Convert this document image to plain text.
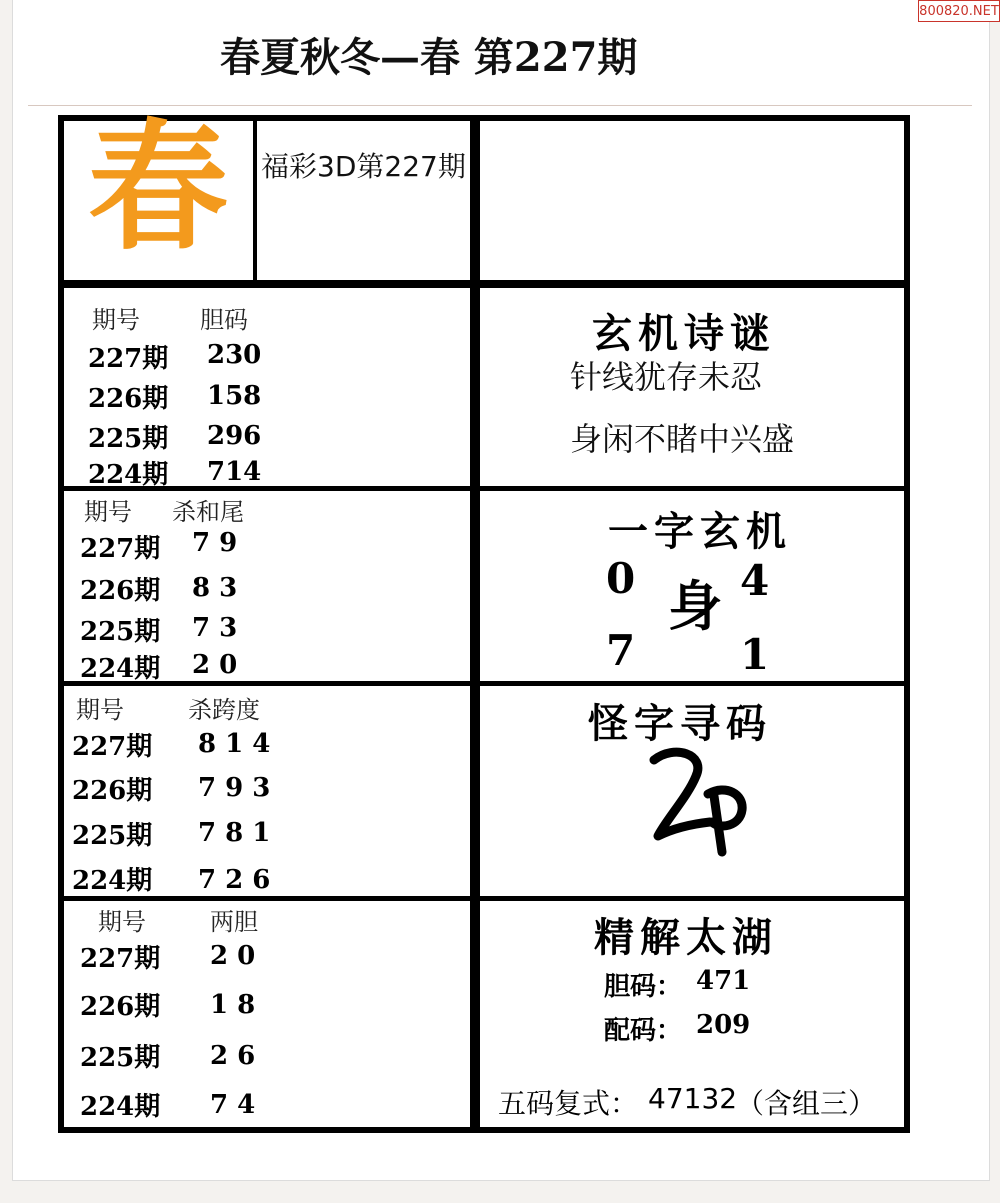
800820.NET
春夏秋冬—春 第227期
春 福彩3D第227期
期号	胆码
227期 230
226期 158
225期 296
224期 714
期号 杀和尾
227期 7 9
226期 8 3
225期 7 3
224期 2 0
期号	杀跨度
227期 8 1 4
226期 7 9 3
225期 7 8 1
224期 7 2 6
期号	两胆
227期 2 0
226期 1 8
225期 2 6
224期 7 4
玄机诗谜
针线犹存未忍
身闲不睹中兴盛
一字玄机
0 4
身
7 1
怪字寻码
精解太湖
胆码： 471
配码： 209
五码复式： 47132
（含组三）
